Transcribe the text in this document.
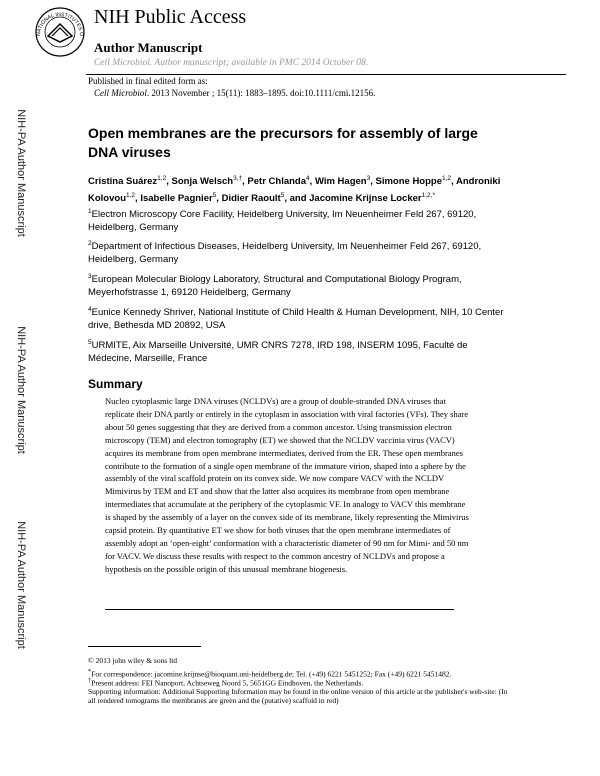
NATIONAL INSTITUTES O
NIH Public Access
Author Manuscript
Cell Microbiol. Author manuscript; available in PMC 2014 October 08.
Published in final edited form as:
Cell Microbiol. 2013 November ; 15(11): 1883–1895. doi:10.1111/cmi.12156.
NIH-PA Author Manuscript
NIH-PA Author Manuscript
NIH-PA Author Manuscript
Open membranes are the precursors for assembly of large DNA viruses
Cristina Suárez$^{1,2}$, Sonja Welsch$^{3,\dagger}$, Petr Chlanda$^4$, Wim Hagen$^3$, Simone Hoppe$^{1,2}$, Androniki Kolovou$^{1,2}$, Isabelle Pagnier$^5$, Didier Raoult$^5$, and Jacomine Krijnse Locker$^{1,2,*}$

$^1$Electron Microscopy Core Facility, Heidelberg University, Im Neuenheimer Feld 267, 69120, Heidelberg, Germany

$^2$Department of Infectious Diseases, Heidelberg University, Im Neuenheimer Feld 267, 69120, Heidelberg, Germany

$^3$European Molecular Biology Laboratory, Structural and Computational Biology Program, Meyerhofstrasse 1, 69120 Heidelberg, Germany

$^4$Eunice Kennedy Shriver, National Institute of Child Health & Human Development, NIH, 10 Center drive, Bethesda MD 20892, USA

$^5$URMITE, Aix Marseille Université, UMR CNRS 7278, IRD 198, INSERM 1095, Faculté de Médecine, Marseille, France

Summary
Nucleo cytoplasmic large DNA viruses (NCLDVs) are a group of double-stranded DNA viruses that replicate their DNA partly or entirely in the cytoplasm in association with viral factories (VFs). They share about 50 genes suggesting that they are derived from a common ancestor. Using transmission electron microscopy (TEM) and electron tomography (ET) we showed that the NCLDV vaccinia virus (VACV) acquires its membrane from open membrane intermediates, derived from the ER. These open membranes contribute to the formation of a single open membrane of the immature virion, shaped into a sphere by the assembly of the viral scaffold protein on its convex side. We now compare VACV with the NCLDV Mimivirus by TEM and ET and show that the latter also acquires its membrane from open membrane intermediates that accumulate at the periphery of the cytoplasmic VF. In analogy to VACV this membrane is shaped by the assembly of a layer on the convex side of its membrane, likely representing the Mimivirus capsid protein. By quantitative ET we show for both viruses that the open membrane intermediates of assembly adopt an ‘open-eight’ conformation with a characteristic diameter of 90 nm for Mimi- and 50 nm for VACV. We discuss these results with respect to the common ancestry of NCLDVs and propose a hypothesis on the possible origin of this unusual membrane biogenesis.

© 2013 john wiley & sons ltd

*For correspondence: jacomine.krijnse@bioquant.uni-heidelberg.de; Tel. (+49) 6221 5451252; Fax (+49) 6221 5451482.

†Present address: FEI Nanoport, Achtseweg Noord 5, 5651GG Eindhoven, the Netherlands.

Supporting information: Additional Supporting Information may be found in the online version of this article at the publisher's web-site: (In all rendered tomograms the membranes are green and the (putative) scaffold in red)
